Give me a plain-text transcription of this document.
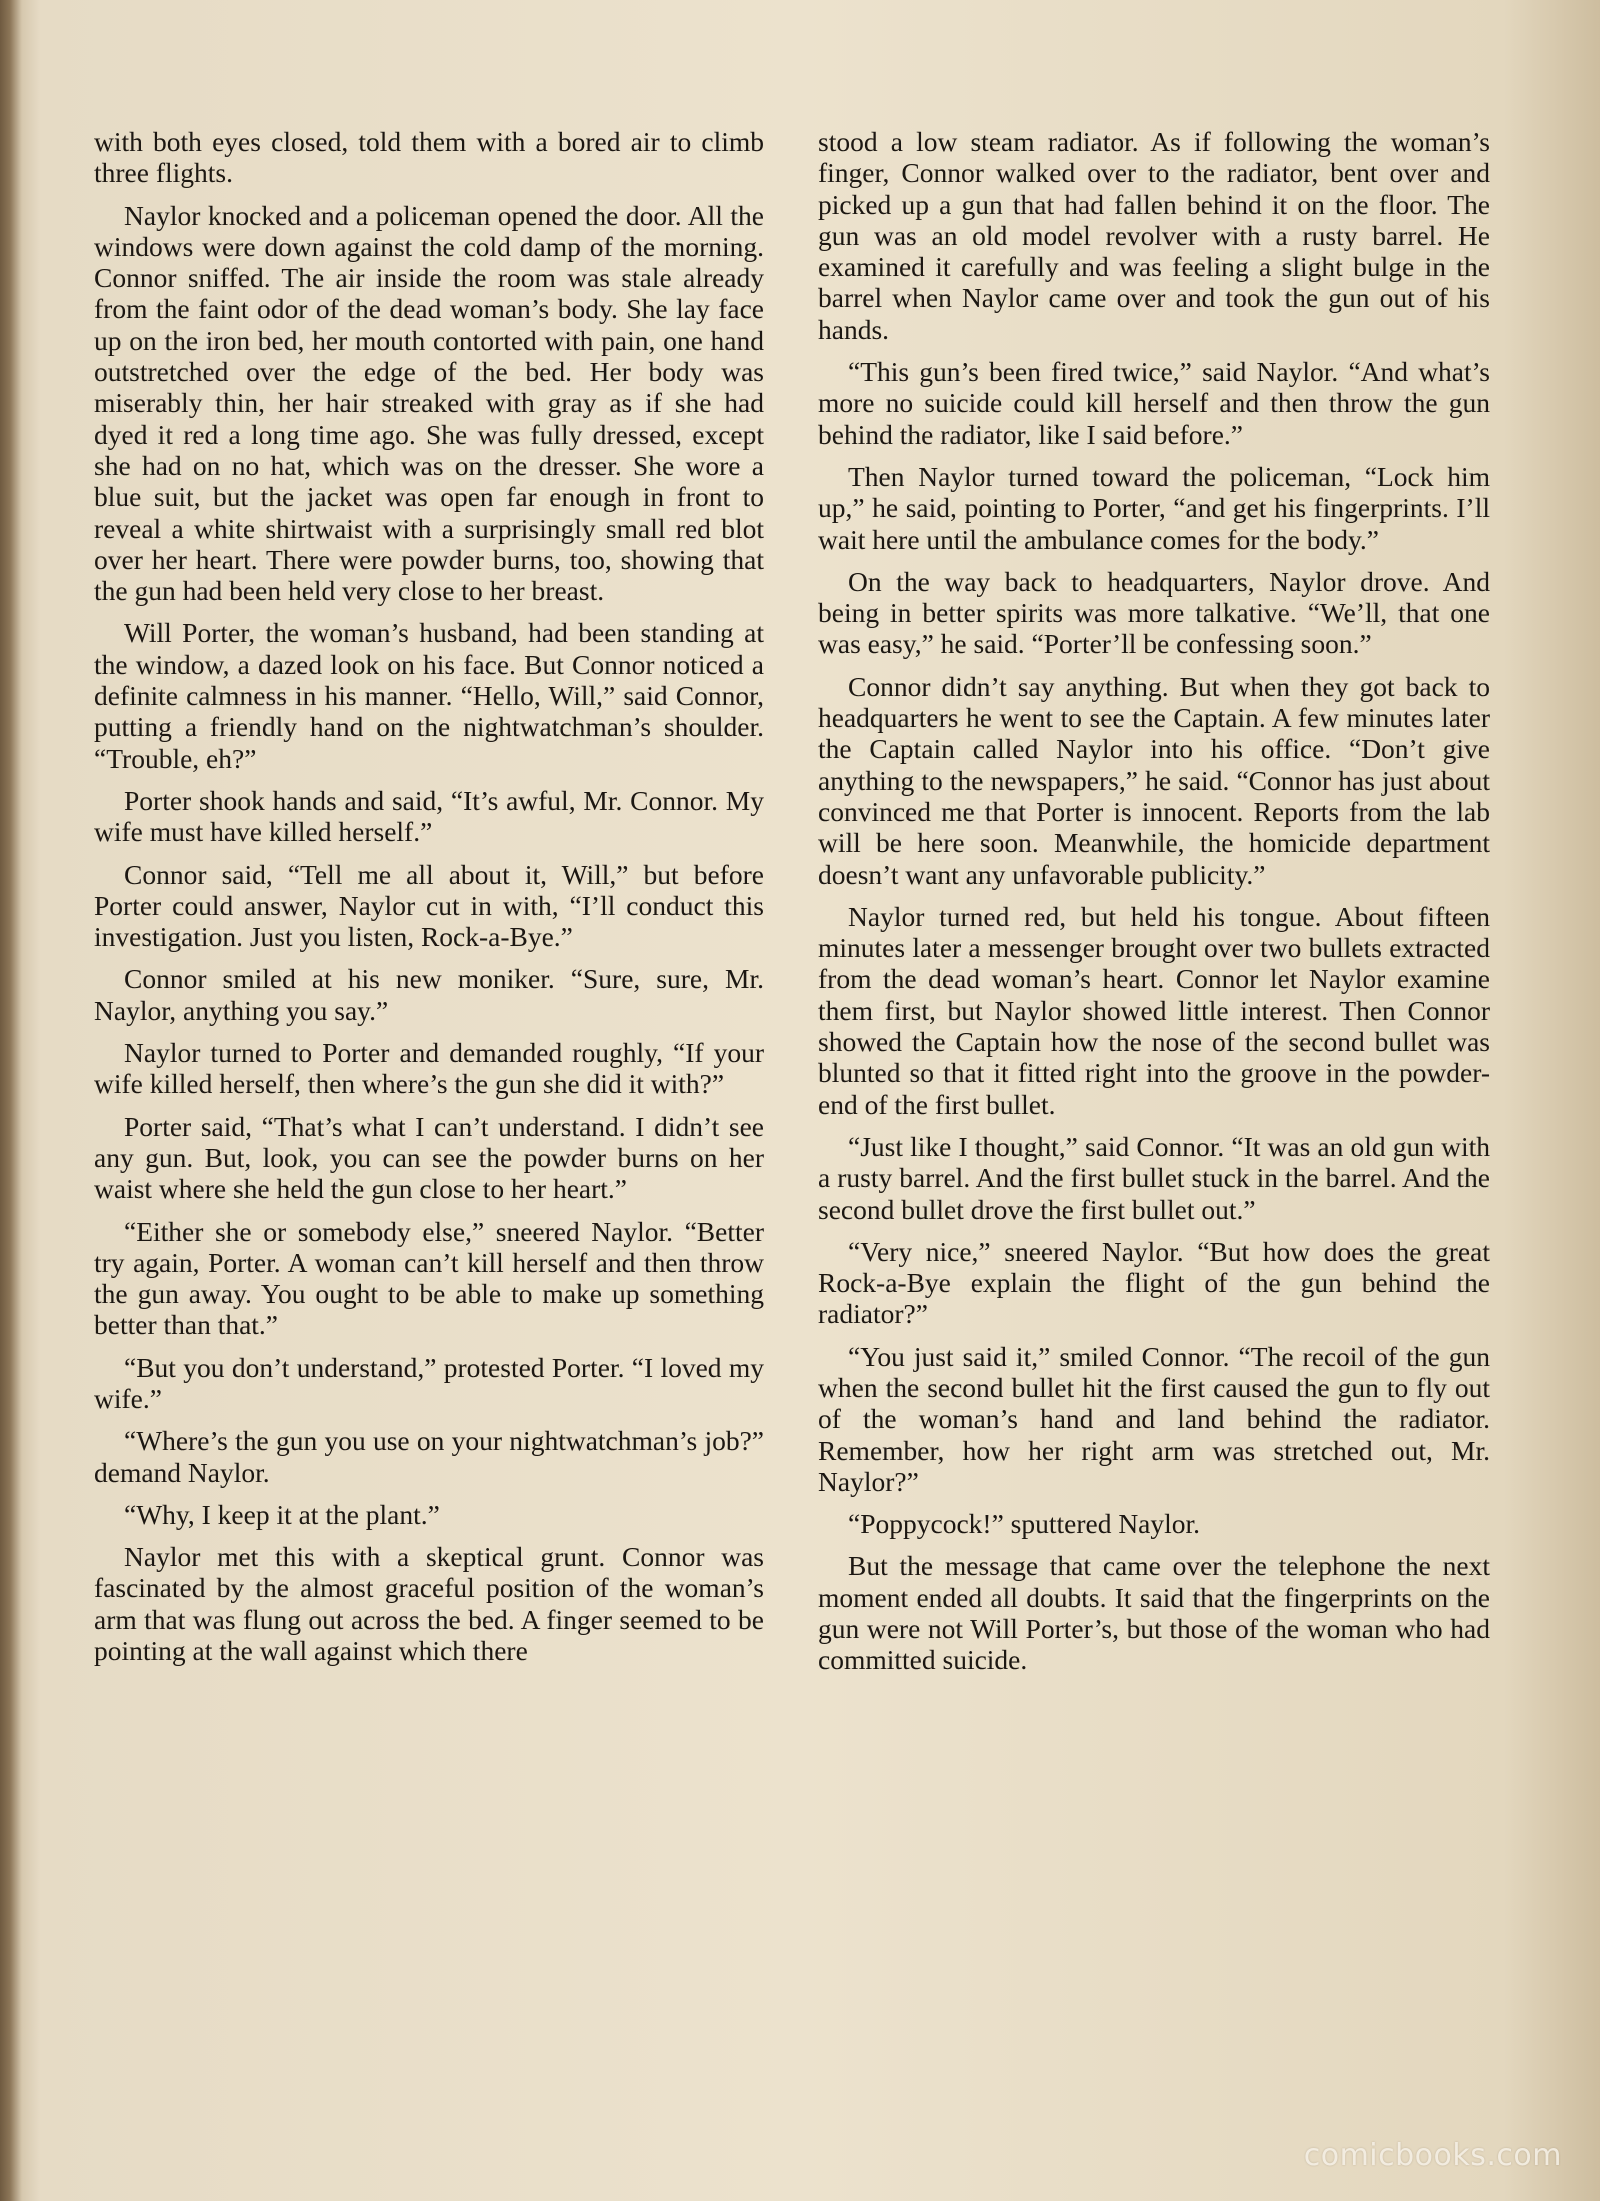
with both eyes closed, told them with a bored air to climb three flights.

Naylor knocked and a policeman opened the door. All the windows were down against the cold damp of the morning. Connor sniffed. The air inside the room was stale already from the faint odor of the dead woman’s body. She lay face up on the iron bed, her mouth contorted with pain, one hand outstretched over the edge of the bed. Her body was miserably thin, her hair streaked with gray as if she had dyed it red a long time ago. She was fully dressed, except she had on no hat, which was on the dresser. She wore a blue suit, but the jacket was open far enough in front to reveal a white shirtwaist with a surprisingly small red blot over her heart. There were powder burns, too, showing that the gun had been held very close to her breast.

Will Porter, the woman’s husband, had been standing at the window, a dazed look on his face. But Connor noticed a definite calmness in his manner. “Hello, Will,” said Connor, putting a friendly hand on the nightwatchman’s shoulder. “Trouble, eh?”

Porter shook hands and said, “It’s awful, Mr. Connor. My wife must have killed herself.”

Connor said, “Tell me all about it, Will,” but before Porter could answer, Naylor cut in with, “I’ll conduct this investigation. Just you listen, Rock-a-Bye.”

Connor smiled at his new moniker. “Sure, sure, Mr. Naylor, anything you say.”

Naylor turned to Porter and demanded roughly, “If your wife killed herself, then where’s the gun she did it with?”

Porter said, “That’s what I can’t understand. I didn’t see any gun. But, look, you can see the powder burns on her waist where she held the gun close to her heart.”

“Either she or somebody else,” sneered Naylor. “Better try again, Porter. A woman can’t kill herself and then throw the gun away. You ought to be able to make up something better than that.”

“But you don’t understand,” protested Porter. “I loved my wife.”

“Where’s the gun you use on your nightwatchman’s job?” demand Naylor.

“Why, I keep it at the plant.”

Naylor met this with a skeptical grunt. Connor was fascinated by the almost graceful position of the woman’s arm that was flung out across the bed. A finger seemed to be pointing at the wall against which there

stood a low steam radiator. As if following the woman’s finger, Connor walked over to the radiator, bent over and picked up a gun that had fallen behind it on the floor. The gun was an old model revolver with a rusty barrel. He examined it carefully and was feeling a slight bulge in the barrel when Naylor came over and took the gun out of his hands.

“This gun’s been fired twice,” said Naylor. “And what’s more no suicide could kill herself and then throw the gun behind the radiator, like I said before.”

Then Naylor turned toward the policeman, “Lock him up,” he said, pointing to Porter, “and get his fingerprints. I’ll wait here until the ambulance comes for the body.”

On the way back to headquarters, Naylor drove. And being in better spirits was more talkative. “We’ll, that one was easy,” he said. “Porter’ll be confessing soon.”

Connor didn’t say anything. But when they got back to headquarters he went to see the Captain. A few minutes later the Captain called Naylor into his office. “Don’t give anything to the newspapers,” he said. “Connor has just about convinced me that Porter is innocent. Reports from the lab will be here soon. Meanwhile, the homicide department doesn’t want any unfavorable publicity.”

Naylor turned red, but held his tongue. About fifteen minutes later a messenger brought over two bullets extracted from the dead woman’s heart. Connor let Naylor examine them first, but Naylor showed little interest. Then Connor showed the Captain how the nose of the second bullet was blunted so that it fitted right into the groove in the powder-end of the first bullet.

“Just like I thought,” said Connor. “It was an old gun with a rusty barrel. And the first bullet stuck in the barrel. And the second bullet drove the first bullet out.”

“Very nice,” sneered Naylor. “But how does the great Rock-a-Bye explain the flight of the gun behind the radiator?”

“You just said it,” smiled Connor. “The recoil of the gun when the second bullet hit the first caused the gun to fly out of the woman’s hand and land behind the radiator. Remember, how her right arm was stretched out, Mr. Naylor?”

“Poppycock!” sputtered Naylor.

But the message that came over the telephone the next moment ended all doubts. It said that the fingerprints on the gun were not Will Porter’s, but those of the woman who had committed suicide.

comicbooks.com
